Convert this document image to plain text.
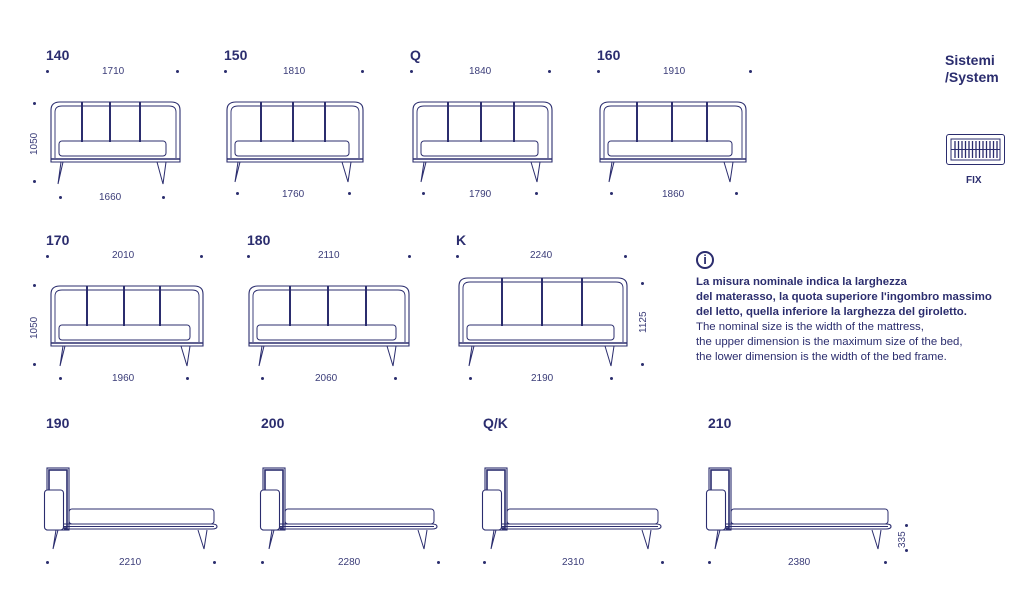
140
1710
1050
1660
150
1810
1760
Q
1840
1790
160
1910
1860
170
2010
1050
1960
180
2110
2060
K
2240
1125
2190
190
2210
200
2280
Q/K
2310
210
2380
335
Sistemi
/System
FIX
i
La misura nominale indica la larghezza
del materasso, la quota superiore l'ingombro massimo
del letto, quella inferiore la larghezza del giroletto.
The nominal size is the width of the mattress,
the upper dimension is the maximum size of the bed,
the lower dimension is the width of the bed frame.
